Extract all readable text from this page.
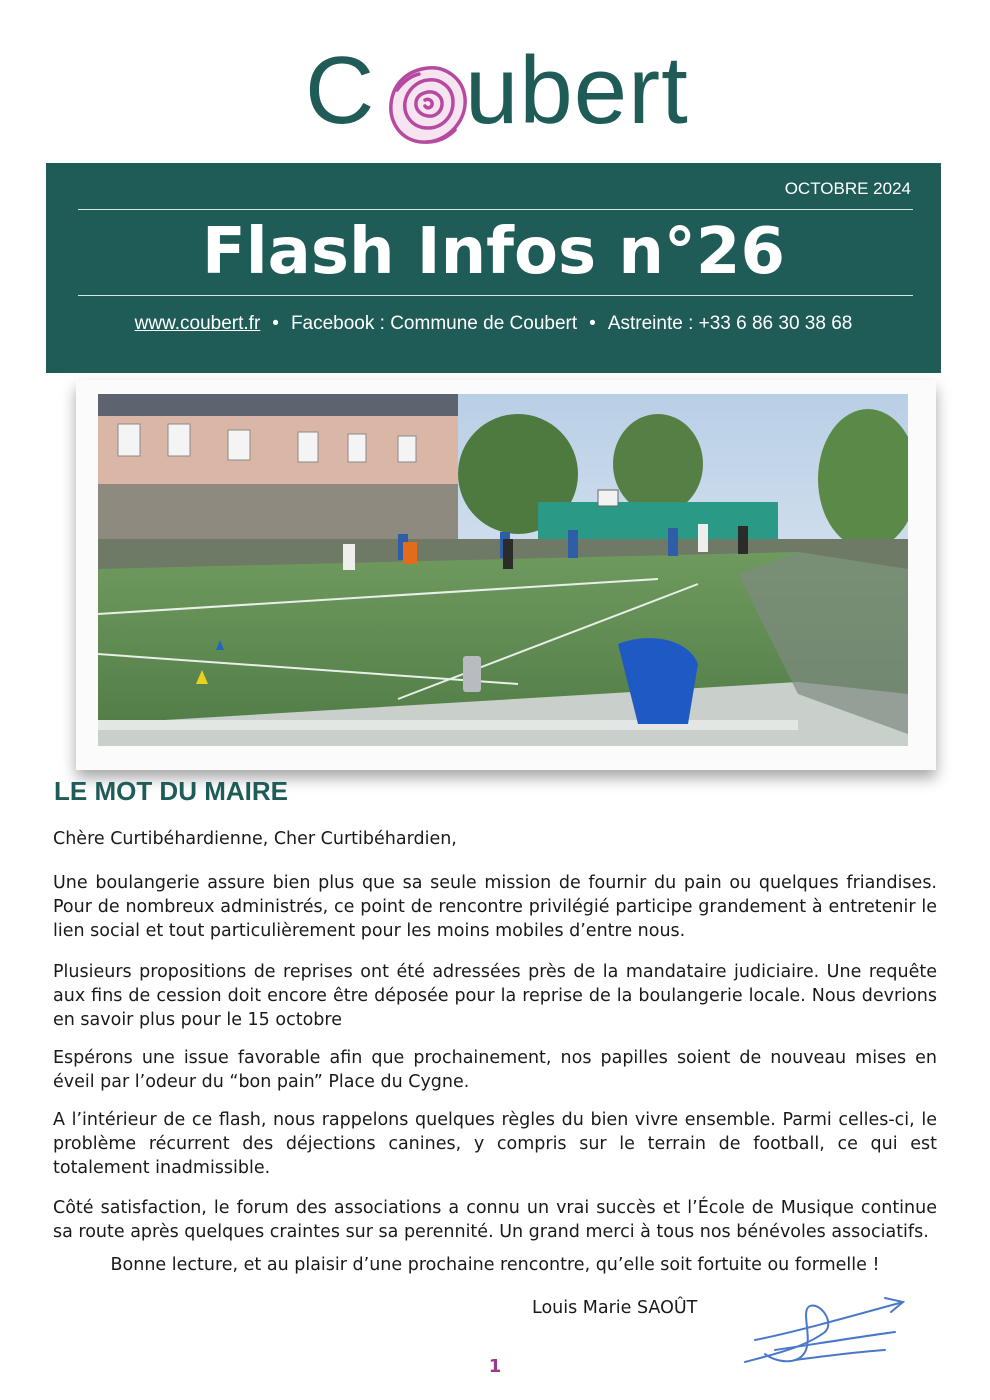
C ubert
OCTOBRE 2024
Flash Infos n°26
www.coubert.fr • Facebook : Commune de Coubert • Astreinte : +33 6 86 30 38 68
LE MOT DU MAIRE
Chère Curtibéhardienne, Cher Curtibéhardien,
Une boulangerie assure bien plus que sa seule mission de fournir du pain ou quelques friandises. Pour de nombreux administrés, ce point de rencontre privilégié participe grandement à entretenir le lien social et tout particulièrement pour les moins mobiles d’entre nous.
Plusieurs propositions de reprises ont été adressées près de la mandataire judiciaire. Une requête aux fins de cession doit encore être déposée pour la reprise de la boulangerie locale. Nous devrions en savoir plus pour le 15 octobre
Espérons une issue favorable afin que prochainement, nos papilles soient de nouveau mises en éveil par l’odeur du “bon pain” Place du Cygne.
A l’intérieur de ce flash, nous rappelons quelques règles du bien vivre ensemble. Parmi celles-ci, le problème récurrent des déjections canines, y compris sur le terrain de football, ce qui est totalement inadmissible.
Côté satisfaction, le forum des associations a connu un vrai succès et l’École de Musique continue sa route après quelques craintes sur sa perennité. Un grand merci à tous nos bénévoles associatifs.
Bonne lecture, et au plaisir d’une prochaine rencontre, qu’elle soit fortuite ou formelle !
Louis Marie SAOÛT
1
